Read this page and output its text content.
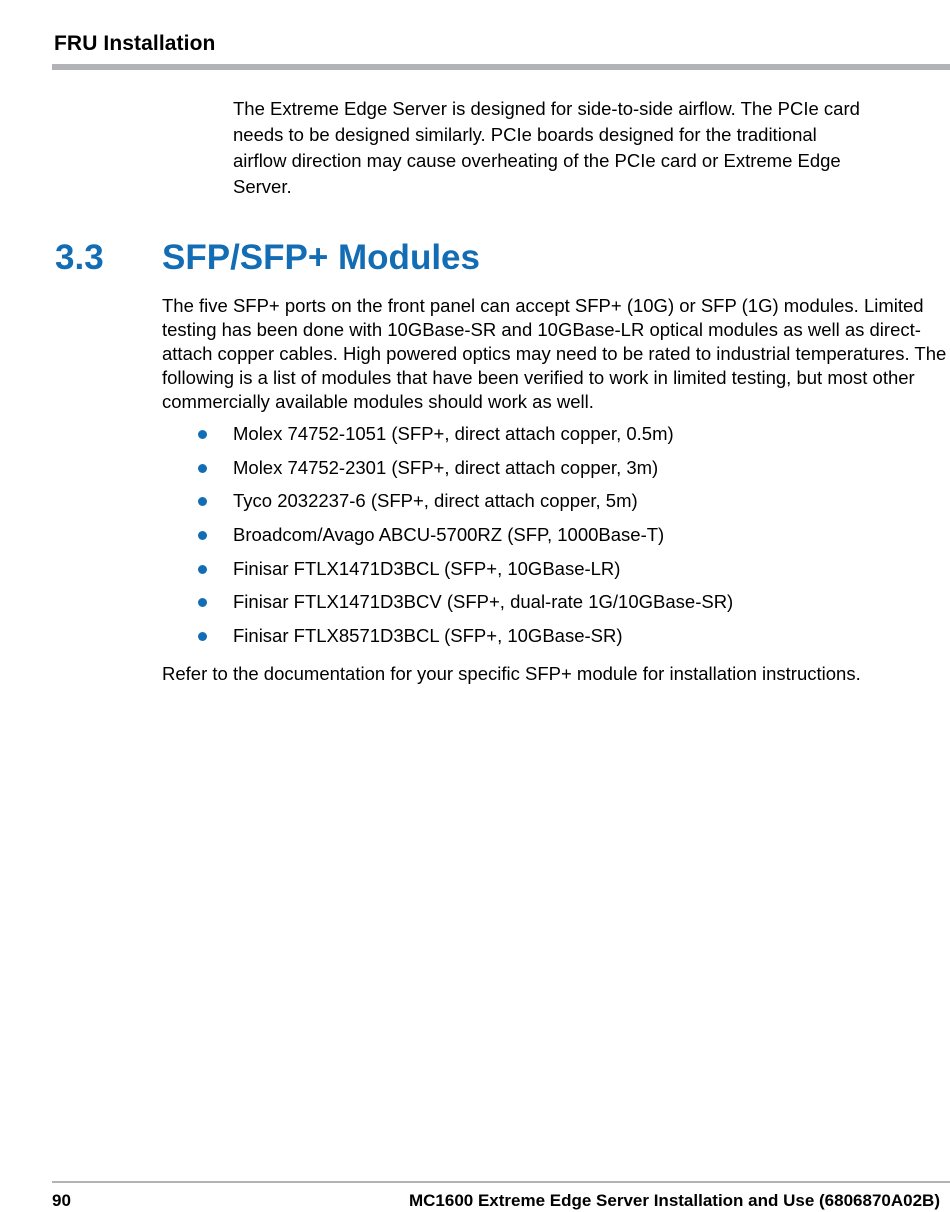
FRU Installation

The Extreme Edge Server is designed for side-to-side airflow. The PCIe card needs to be designed similarly. PCIe boards designed for the traditional airflow direction may cause overheating of the PCIe card or Extreme Edge Server.

3.3 SFP/SFP+ Modules

The five SFP+ ports on the front panel can accept SFP+ (10G) or SFP (1G) modules. Limited testing has been done with 10GBase-SR and 10GBase-LR optical modules as well as direct-attach copper cables. High powered optics may need to be rated to industrial temperatures. The following is a list of modules that have been verified to work in limited testing, but most other commercially available modules should work as well.

Molex 74752-1051 (SFP+, direct attach copper, 0.5m)
Molex 74752-2301 (SFP+, direct attach copper, 3m)
Tyco 2032237-6 (SFP+, direct attach copper, 5m)
Broadcom/Avago ABCU-5700RZ (SFP, 1000Base-T)
Finisar FTLX1471D3BCL (SFP+, 10GBase-LR)
Finisar FTLX1471D3BCV (SFP+, dual-rate 1G/10GBase-SR)
Finisar FTLX8571D3BCL (SFP+, 10GBase-SR)

Refer to the documentation for your specific SFP+ module for installation instructions.

90	MC1600 Extreme Edge Server Installation and Use (6806870A02B)
